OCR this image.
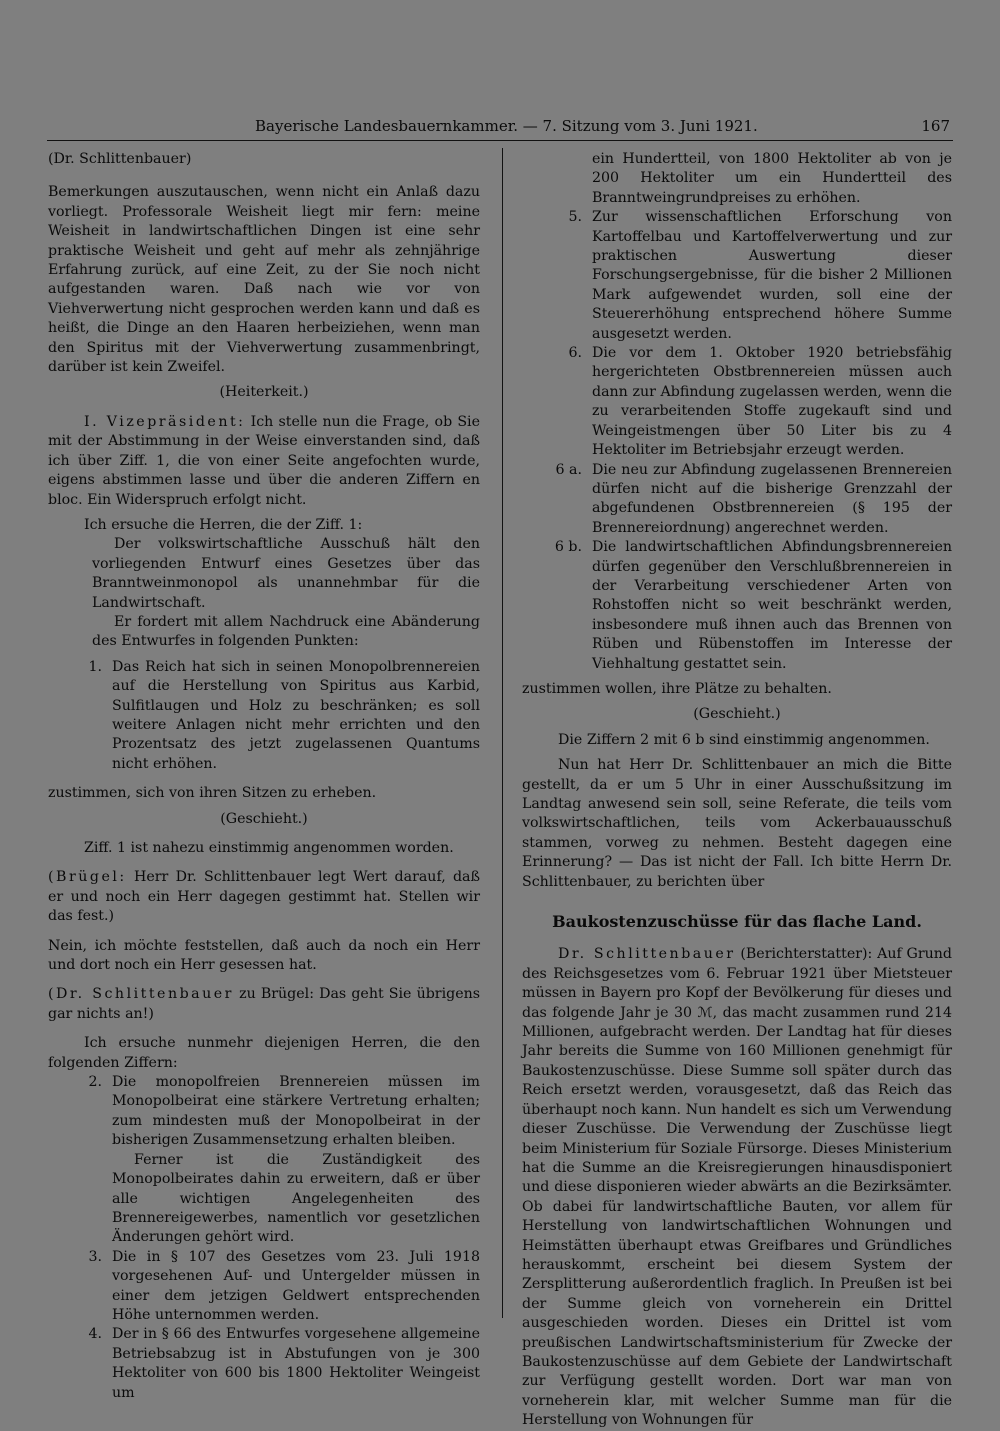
Bayerische Landesbauernkammer. — 7. Sitzung vom 3. Juni 1921.	167

(Dr. Schlittenbauer)

Bemerkungen auszutauschen, wenn nicht ein Anlaß dazu vorliegt. Professorale Weisheit liegt mir fern: meine Weisheit in landwirtschaftlichen Dingen ist eine sehr praktische Weisheit und geht auf mehr als zehnjährige Erfahrung zurück, auf eine Zeit, zu der Sie noch nicht aufgestanden waren. Daß nach wie vor von Viehverwertung nicht gesprochen werden kann und daß es heißt, die Dinge an den Haaren herbeiziehen, wenn man den Spiritus mit der Viehverwertung zusammenbringt, darüber ist kein Zweifel.

(Heiterkeit.)

I. Vizepräsident: Ich stelle nun die Frage, ob Sie mit der Abstimmung in der Weise einverstanden sind, daß ich über Ziff. 1, die von einer Seite angefochten wurde, eigens abstimmen lasse und über die anderen Ziffern en bloc. Ein Widerspruch erfolgt nicht.

Ich ersuche die Herren, die der Ziff. 1:

Der volkswirtschaftliche Ausschuß hält den vorliegenden Entwurf eines Gesetzes über das Branntweinmonopol als unannehmbar für die Landwirtschaft.

Er fordert mit allem Nachdruck eine Abänderung des Entwurfes in folgenden Punkten:

1. Das Reich hat sich in seinen Monopolbrennereien auf die Herstellung von Spiritus aus Karbid, Sulfitlaugen und Holz zu beschränken; es soll weitere Anlagen nicht mehr errichten und den Prozentsatz des jetzt zugelassenen Quantums nicht erhöhen.

zustimmen, sich von ihren Sitzen zu erheben.

(Geschieht.)

Ziff. 1 ist nahezu einstimmig angenommen worden.

(Brügel: Herr Dr. Schlittenbauer legt Wert darauf, daß er und noch ein Herr dagegen gestimmt hat. Stellen wir das fest.)

Nein, ich möchte feststellen, daß auch da noch ein Herr und dort noch ein Herr gesessen hat.

(Dr. Schlittenbauer zu Brügel: Das geht Sie übrigens gar nichts an!)

Ich ersuche nunmehr diejenigen Herren, die den folgenden Ziffern:

2. Die monopolfreien Brennereien müssen im Monopolbeirat eine stärkere Vertretung erhalten; zum mindesten muß der Monopolbeirat in der bisherigen Zusammensetzung erhalten bleiben.
Ferner ist die Zuständigkeit des Monopolbeirates dahin zu erweitern, daß er über alle wichtigen Angelegenheiten des Brennereigewerbes, namentlich vor gesetzlichen Änderungen gehört wird.
3. Die in § 107 des Gesetzes vom 23. Juli 1918 vorgesehenen Auf- und Untergelder müssen in einer dem jetzigen Geldwert entsprechenden Höhe unternommen werden.
4. Der in § 66 des Entwurfes vorgesehene allgemeine Betriebsabzug ist in Abstufungen von je 300 Hektoliter von 600 bis 1800 Hektoliter Weingeist um
ein Hundertteil, von 1800 Hektoliter ab von je 200 Hektoliter um ein Hundertteil des Branntweingrundpreises zu erhöhen.
5. Zur wissenschaftlichen Erforschung von Kartoffelbau und Kartoffelverwertung und zur praktischen Auswertung dieser Forschungsergebnisse, für die bisher 2 Millionen Mark aufgewendet wurden, soll eine der Steuererhöhung entsprechend höhere Summe ausgesetzt werden.
6. Die vor dem 1. Oktober 1920 betriebsfähig hergerichteten Obstbrennereien müssen auch dann zur Abfindung zugelassen werden, wenn die zu verarbeitenden Stoffe zugekauft sind und Weingeistmengen über 50 Liter bis zu 4 Hektoliter im Betriebsjahr erzeugt werden.
6 a. Die neu zur Abfindung zugelassenen Brennereien dürfen nicht auf die bisherige Grenzzahl der abgefundenen Obstbrennereien (§ 195 der Brennereiordnung) angerechnet werden.
6 b. Die landwirtschaftlichen Abfindungsbrennereien dürfen gegenüber den Verschlußbrennereien in der Verarbeitung verschiedener Arten von Rohstoffen nicht so weit beschränkt werden, insbesondere muß ihnen auch das Brennen von Rüben und Rübenstoffen im Interesse der Viehhaltung gestattet sein.

zustimmen wollen, ihre Plätze zu behalten.

(Geschieht.)

Die Ziffern 2 mit 6 b sind einstimmig angenommen.

Nun hat Herr Dr. Schlittenbauer an mich die Bitte gestellt, da er um 5 Uhr in einer Ausschußsitzung im Landtag anwesend sein soll, seine Referate, die teils vom volkswirtschaftlichen, teils vom Ackerbauausschuß stammen, vorweg zu nehmen. Besteht dagegen eine Erinnerung? — Das ist nicht der Fall. Ich bitte Herrn Dr. Schlittenbauer, zu berichten über

Baukostenzuschüsse für das flache Land.

Dr. Schlittenbauer (Berichterstatter): Auf Grund des Reichsgesetzes vom 6. Februar 1921 über Mietsteuer müssen in Bayern pro Kopf der Bevölkerung für dieses und das folgende Jahr je 30 ℳ, das macht zusammen rund 214 Millionen, aufgebracht werden. Der Landtag hat für dieses Jahr bereits die Summe von 160 Millionen genehmigt für Baukostenzuschüsse. Diese Summe soll später durch das Reich ersetzt werden, vorausgesetzt, daß das Reich das überhaupt noch kann. Nun handelt es sich um Verwendung dieser Zuschüsse. Die Verwendung der Zuschüsse liegt beim Ministerium für Soziale Fürsorge. Dieses Ministerium hat die Summe an die Kreisregierungen hinausdisponiert und diese disponieren wieder abwärts an die Bezirksämter. Ob dabei für landwirtschaftliche Bauten, vor allem für Herstellung von landwirtschaftlichen Wohnungen und Heimstätten überhaupt etwas Greifbares und Gründliches herauskommt, erscheint bei diesem System der Zersplitterung außerordentlich fraglich. In Preußen ist bei der Summe gleich von vorneherein ein Drittel ausgeschieden worden. Dieses ein Drittel ist vom preußischen Landwirtschaftsministerium für Zwecke der Baukostenzuschüsse auf dem Gebiete der Landwirtschaft zur Verfügung gestellt worden. Dort war man von vorneherein klar, mit welcher Summe man für die Herstellung von Wohnungen für
